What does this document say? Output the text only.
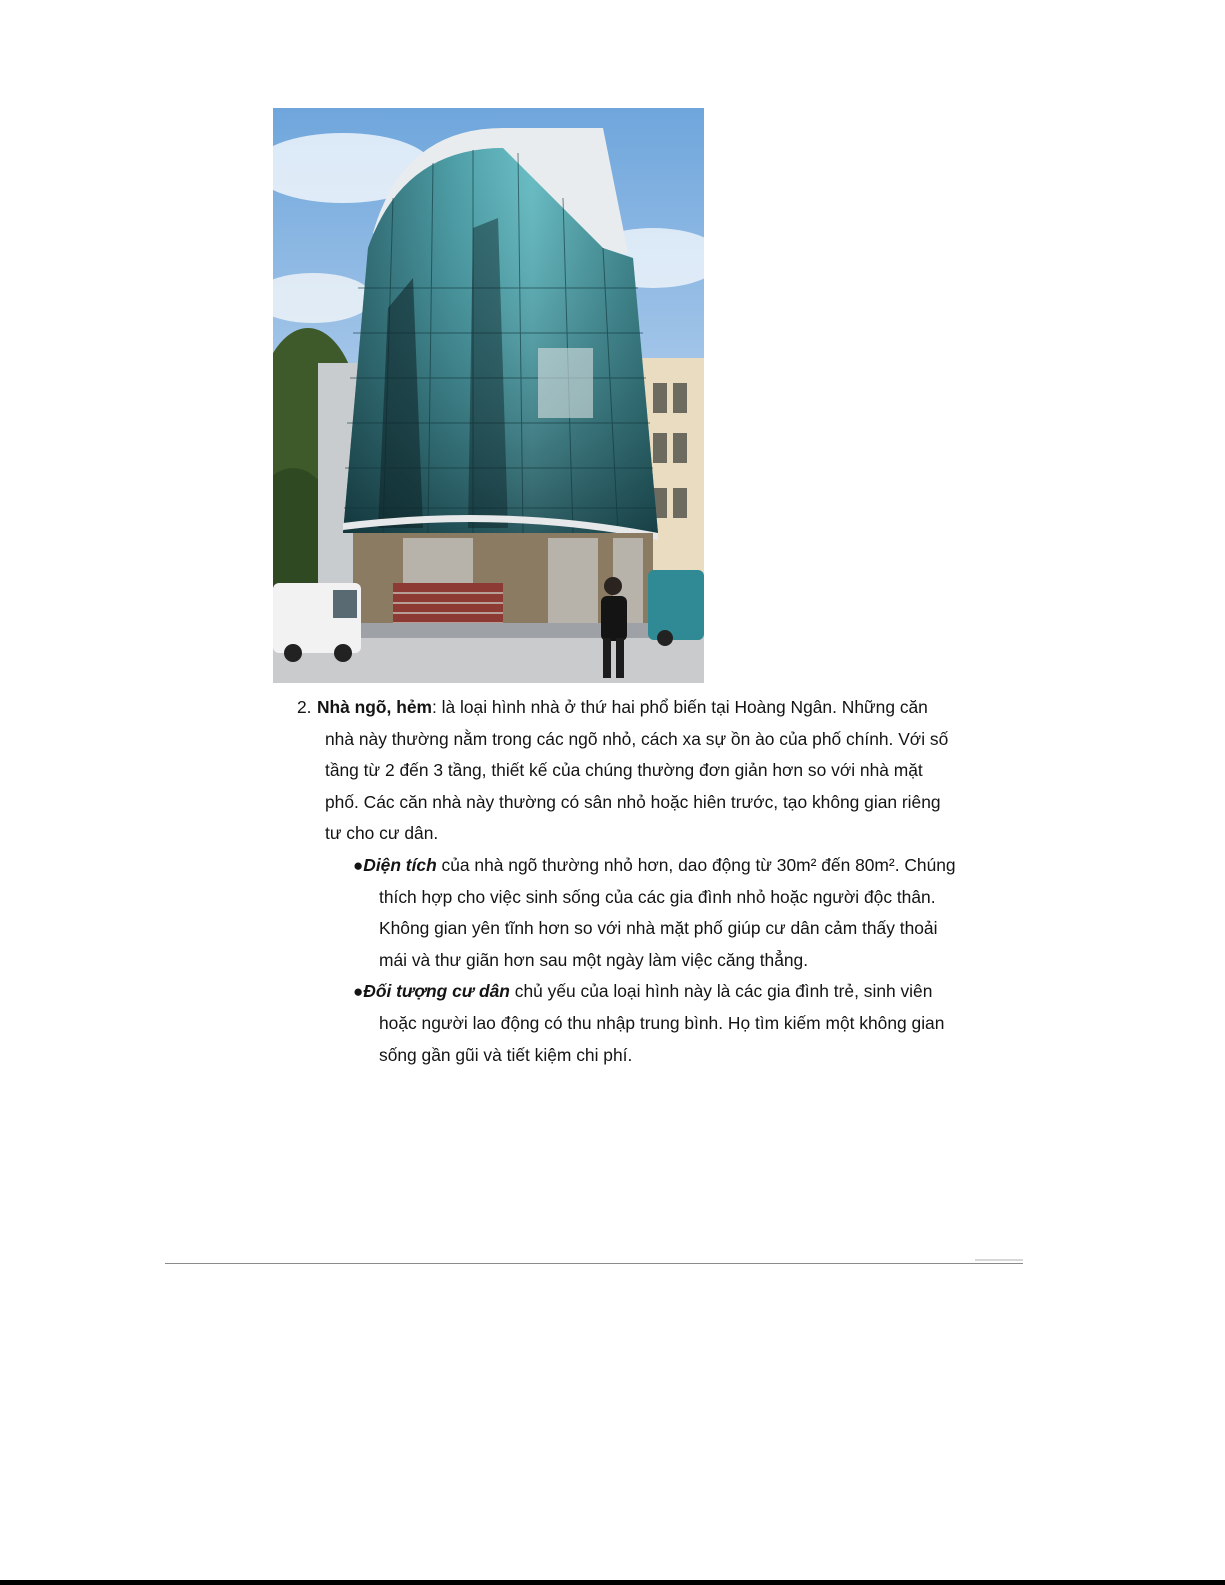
2. Nhà ngõ, hẻm: là loại hình nhà ở thứ hai phổ biến tại Hoàng Ngân. Những căn nhà này thường nằm trong các ngõ nhỏ, cách xa sự ồn ào của phố chính. Với số tầng từ 2 đến 3 tầng, thiết kế của chúng thường đơn giản hơn so với nhà mặt phố. Các căn nhà này thường có sân nhỏ hoặc hiên trước, tạo không gian riêng tư cho cư dân.

●Diện tích của nhà ngõ thường nhỏ hơn, dao động từ 30m² đến 80m². Chúng thích hợp cho việc sinh sống của các gia đình nhỏ hoặc người độc thân. Không gian yên tĩnh hơn so với nhà mặt phố giúp cư dân cảm thấy thoải mái và thư giãn hơn sau một ngày làm việc căng thẳng.
●Đối tượng cư dân chủ yếu của loại hình này là các gia đình trẻ, sinh viên hoặc người lao động có thu nhập trung bình. Họ tìm kiếm một không gian sống gần gũi và tiết kiệm chi phí.
